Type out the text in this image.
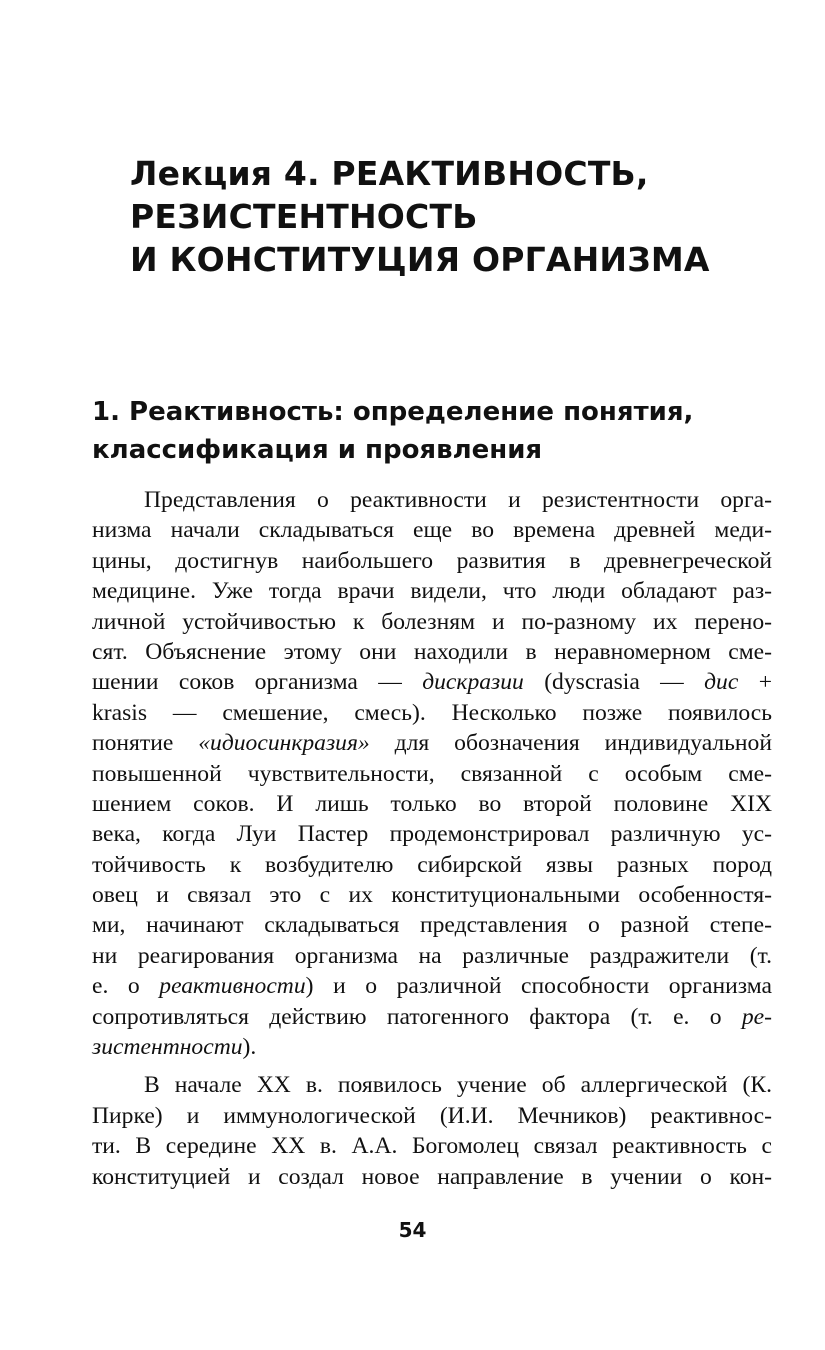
Лекция 4. РЕАКТИВНОСТЬ,
РЕЗИСТЕНТНОСТЬ
И КОНСТИТУЦИЯ ОРГАНИЗМА
1. Реактивность: определение понятия,
классификация и проявления
Представления о реактивности и резистентности орга-
низма начали складываться еще во времена древней меди-
цины, достигнув наибольшего развития в древнегреческой
медицине. Уже тогда врачи видели, что люди обладают раз-
личной устойчивостью к болезням и по-разному их перено-
сят. Объяснение этому они находили в неравномерном сме-
шении соков организма — дискразии (dyscrasia — дис +
krasis — смешение, смесь). Несколько позже появилось
понятие «идиосинкразия» для обозначения индивидуальной
повышенной чувствительности, связанной с особым сме-
шением соков. И лишь только во второй половине XIX
века, когда Луи Пастер продемонстрировал различную ус-
тойчивость к возбудителю сибирской язвы разных пород
овец и связал это с их конституциональными особенностя-
ми, начинают складываться представления о разной степе-
ни реагирования организма на различные раздражители (т.
е. о реактивности) и о различной способности организма
сопротивляться действию патогенного фактора (т. е. о ре-
зистентности).
В начале XX в. появилось учение об аллергической (К.
Пирке) и иммунологической (И.И. Мечников) реактивнос-
ти. В середине XX в. А.А. Богомолец связал реактивность с
конституцией и создал новое направление в учении о кон-
54
